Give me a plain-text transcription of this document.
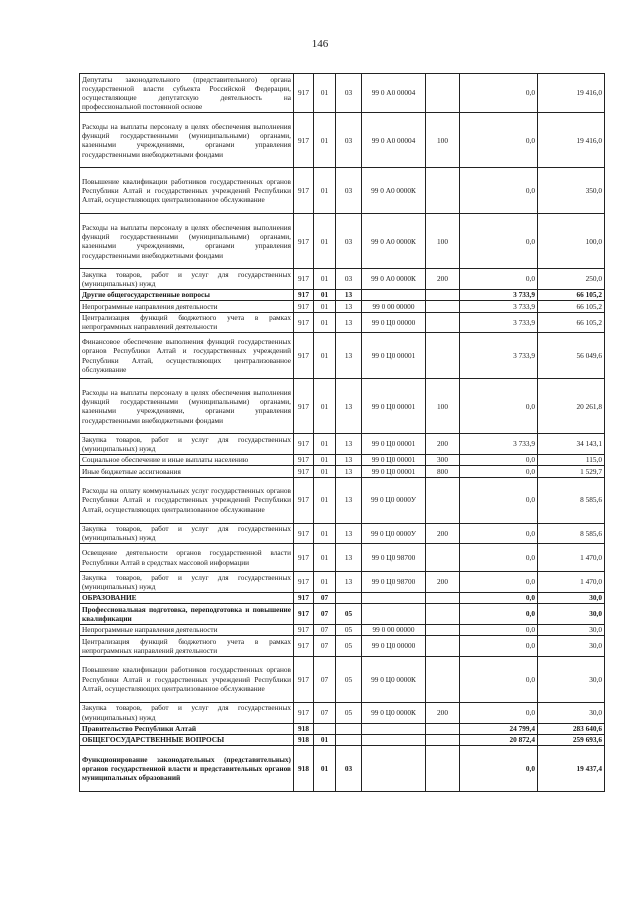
146
Депутаты законодательного (представительного) органа государственной власти субъекта Российской Федерации, осуществляющие депутатскую деятельность на профессиональной постоянной основе	917	01	03	99 0 А0 00004		0,0	19 416,0
Расходы на выплаты персоналу в целях обеспечения выполнения функций государственными (муниципальными) органами, казенными учреждениями, органами управления государственными внебюджетными фондами	917	01	03	99 0 А0 00004	100	0,0	19 416,0
Повышение квалификации работников государственных органов Республики Алтай и государственных учреждений Республики Алтай, осуществляющих централизованное обслуживание	917	01	03	99 0 А0 0000К		0,0	350,0
Расходы на выплаты персоналу в целях обеспечения выполнения функций государственными (муниципальными) органами, казенными учреждениями, органами управления государственными внебюджетными фондами	917	01	03	99 0 А0 0000К	100	0,0	100,0
Закупка товаров, работ и услуг для государственных (муниципальных) нужд	917	01	03	99 0 А0 0000К	200	0,0	250,0
Другие общегосударственные вопросы	917	01	13			3 733,9	66 105,2
Непрограммные направления деятельности	917	01	13	99 0 00 00000		3 733,9	66 105,2
Централизация функций бюджетного учета в рамках непрограммных направлений деятельности	917	01	13	99 0 Ц0 00000		3 733,9	66 105,2
Финансовое обеспечение выполнения функций государственных органов Республики Алтай и государственных учреждений Республики Алтай, осуществляющих централизованное обслуживание	917	01	13	99 0 Ц0 00001		3 733,9	56 049,6
Расходы на выплаты персоналу в целях обеспечения выполнения функций государственными (муниципальными) органами, казенными учреждениями, органами управления государственными внебюджетными фондами	917	01	13	99 0 Ц0 00001	100	0,0	20 261,8
Закупка товаров, работ и услуг для государственных (муниципальных) нужд	917	01	13	99 0 Ц0 00001	200	3 733,9	34 143,1
Социальное обеспечение и иные выплаты населению	917	01	13	99 0 Ц0 00001	300	0,0	115,0
Иные бюджетные ассигнования	917	01	13	99 0 Ц0 00001	800	0,0	1 529,7
Расходы на оплату коммунальных услуг государственных органов Республики Алтай и государственных учреждений Республики Алтай, осуществляющих централизованное обслуживание	917	01	13	99 0 Ц0 0000У		0,0	8 585,6
Закупка товаров, работ и услуг для государственных (муниципальных) нужд	917	01	13	99 0 Ц0 0000У	200	0,0	8 585,6
Освещение деятельности органов государственной власти Республики Алтай в средствах массовой информации	917	01	13	99 0 Ц0 98700		0,0	1 470,0
Закупка товаров, работ и услуг для государственных (муниципальных) нужд	917	01	13	99 0 Ц0 98700	200	0,0	1 470,0
ОБРАЗОВАНИЕ	917	07				0,0	30,0
Профессиональная подготовка, переподготовка и повышение квалификации	917	07	05			0,0	30,0
Непрограммные направления деятельности	917	07	05	99 0 00 00000		0,0	30,0
Централизация функций бюджетного учета в рамках непрограммных направлений деятельности	917	07	05	99 0 Ц0 00000		0,0	30,0
Повышение квалификации работников государственных органов Республики Алтай и государственных учреждений Республики Алтай, осуществляющих централизованное обслуживание	917	07	05	99 0 Ц0 0000К		0,0	30,0
Закупка товаров, работ и услуг для государственных (муниципальных) нужд	917	07	05	99 0 Ц0 0000К	200	0,0	30,0
Правительство Республики Алтай	918					24 799,4	283 640,6
ОБЩЕГОСУДАРСТВЕННЫЕ ВОПРОСЫ	918	01				20 872,4	259 693,6
Функционирование законодательных (представительных) органов государственной власти и представительных органов муниципальных образований	918	01	03			0,0	19 437,4
